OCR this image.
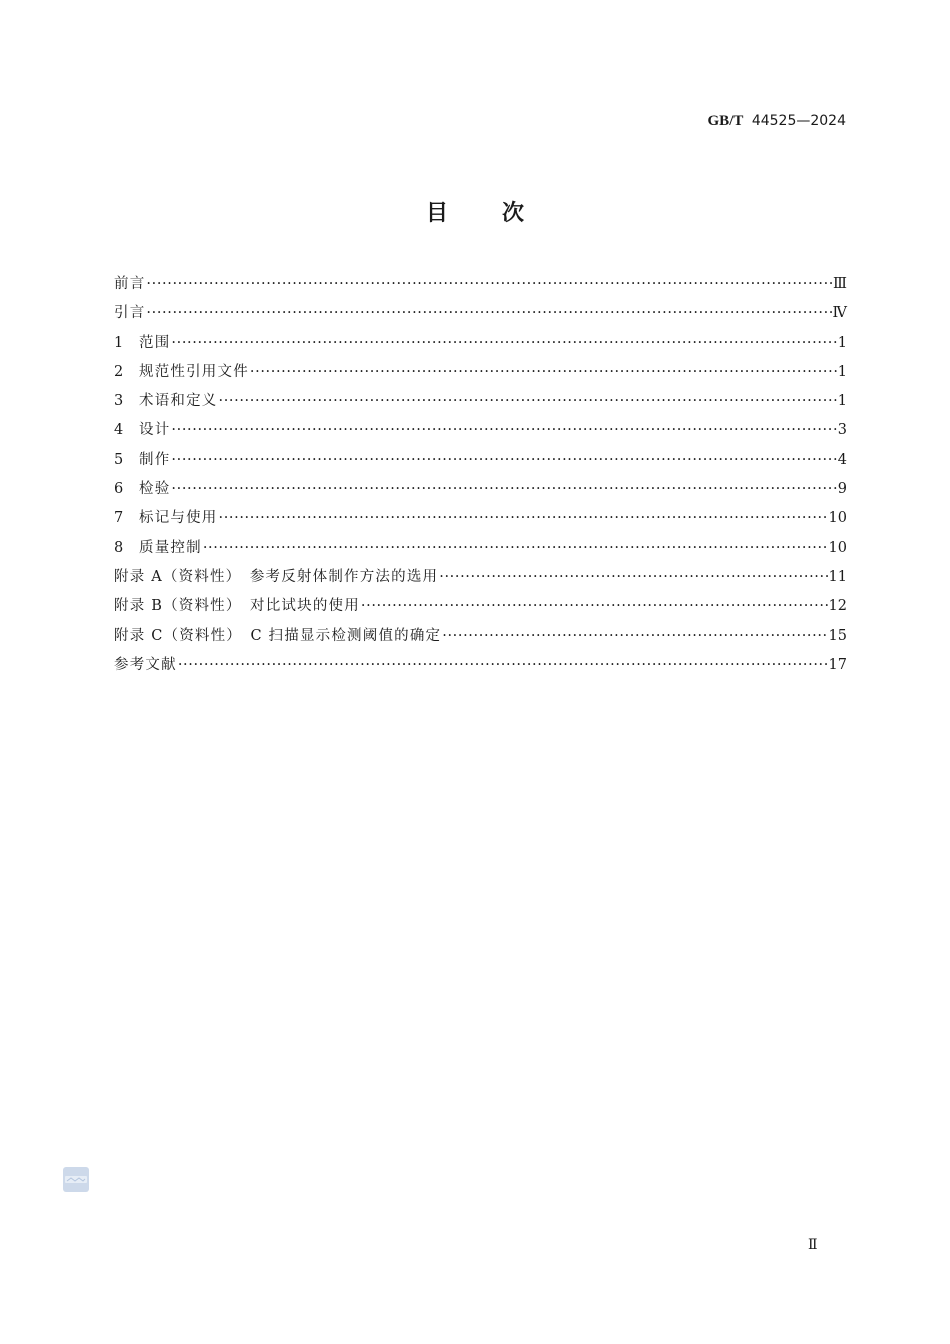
GB/T 44525—2024
目次
前言 ·····	Ⅲ
引言 ·····	Ⅳ
1	范围 ·····	1
2	规范性引用文件 ·····	1
3	术语和定义 ·····	1
4	设计 ·····	3
5	制作 ·····	4
6	检验 ·····	9
7	标记与使用 ·····	10
8	质量控制 ·····	10
附录 A（资料性）　参考反射体制作方法的选用 ·····	11
附录 B（资料性）　对比试块的使用 ·····	12
附录 C（资料性）　C 扫描显示检测阈值的确定 ·····	15
参考文献 ·····	17
Ⅱ
